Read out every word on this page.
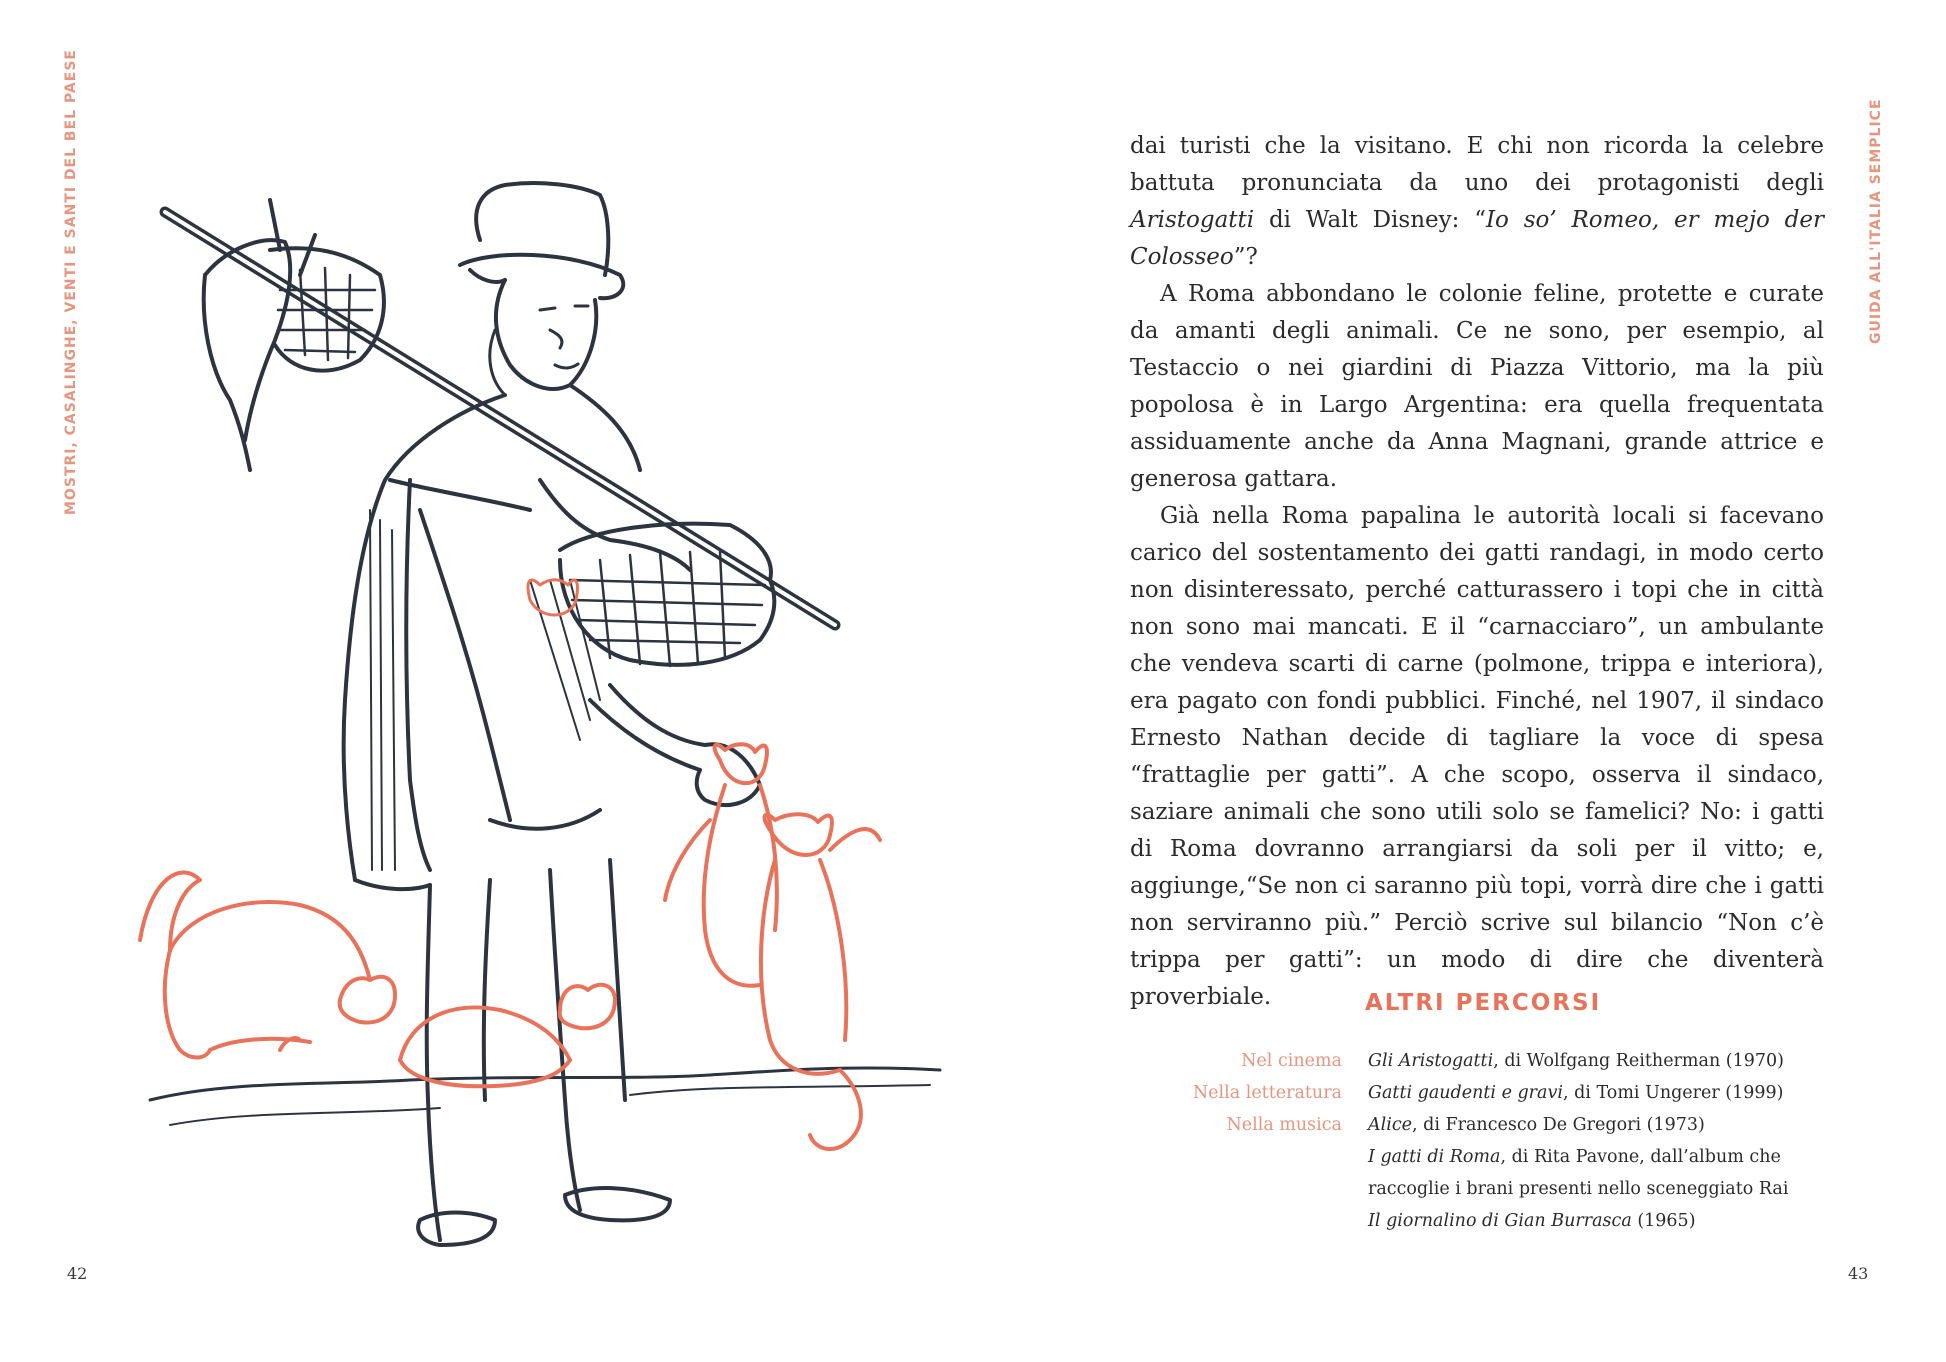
MOSTRI, CASALINGHE, VENTI E SANTI DEL BEL PAESE
42
GUIDA ALL'ITALIA SEMPLICE

dai turisti che la visitano. E chi non ricorda la celebre battuta pronunciata da uno dei protagonisti degli Aristogatti di Walt Disney: “Io so’ Romeo, er mejo der Colosseo”?

A Roma abbondano le colonie feline, protette e curate da amanti degli animali. Ce ne sono, per esempio, al Testaccio o nei giardini di Piazza Vittorio, ma la più popolosa è in Largo Argentina: era quella frequentata assiduamente anche da Anna Magnani, grande attrice e generosa gattara.

Già nella Roma papalina le autorità locali si facevano carico del sostentamento dei gatti randagi, in modo certo non disinteressato, perché catturassero i topi che in città non sono mai mancati. E il “carnacciaro”, un ambulante che vendeva scarti di carne (polmone, trippa e interiora), era pagato con fondi pubblici. Finché, nel 1907, il sindaco Ernesto Nathan decide di tagliare la voce di spesa “frattaglie per gatti”. A che scopo, osserva il sindaco, saziare animali che sono utili solo se famelici? No: i gatti di Roma dovranno arrangiarsi da soli per il vitto; e, aggiunge,“Se non ci saranno più topi, vorrà dire che i gatti non serviranno più.” Perciò scrive sul bilancio “Non c’è trippa per gatti”: un modo di dire che diventerà proverbiale.	ALTRI PERCORSI
Nel cinema	Gli Aristogatti, di Wolfgang Reitherman (1970)
Nella letteratura	Gatti gaudenti e gravi, di Tomi Ungerer (1999)
Nella musica	Alice, di Francesco De Gregori (1973)
I gatti di Roma, di Rita Pavone, dall’album che
raccoglie i brani presenti nello sceneggiato Rai
Il giornalino di Gian Burrasca (1965)
43
